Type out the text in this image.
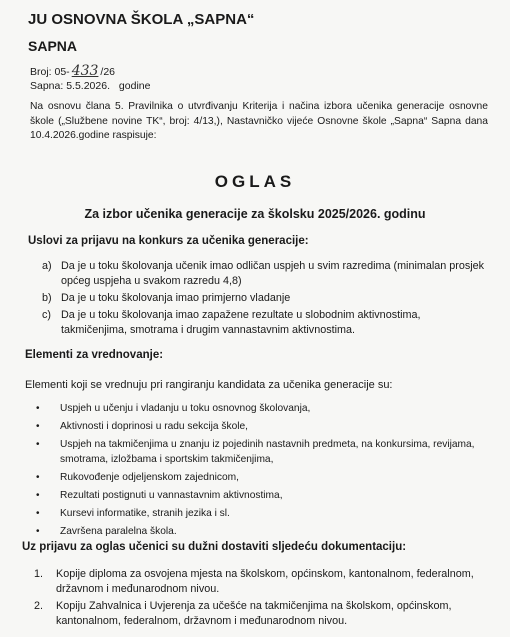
JU OSNOVNA ŠKOLA „SAPNA“
SAPNA
Broj: 05- 433 /26
Sapna: 5.5.2026. godine
Na osnovu člana 5. Pravilnika o utvrđivanju Kriterija i načina izbora učenika generacije osnovne škole („Službene novine TK“, broj: 4/13,), Nastavničko vijeće Osnovne škole „Sapna“ Sapna dana 10.4.2026.godine raspisuje:
OGLAS
Za izbor učenika generacije za školsku 2025/2026. godinu
Uslovi za prijavu na konkurs za učenika generacije:
a) Da je u toku školovanja učenik imao odličan uspjeh u svim razredima (minimalan prosjek općeg uspjeha u svakom razredu 4,8)
b) Da je u toku školovanja imao primjerno vladanje
c) Da je u toku školovanja imao zapažene rezultate u slobodnim aktivnostima, takmičenjima, smotrama i drugim vannastavnim aktivnostima.
Elementi za vrednovanje:
Elementi koji se vrednuju pri rangiranju kandidata za učenika generacije su:
•	Uspjeh u učenju i vladanju u toku osnovnog školovanja,
•	Aktivnosti i doprinosi u radu sekcija škole,
•	Uspjeh na takmičenjima u znanju iz pojedinih nastavnih predmeta, na konkursima, revijama, smotrama, izložbama i sportskim takmičenjima,
•	Rukovođenje odjeljenskom zajednicom,
•	Rezultati postignuti u vannastavnim aktivnostima,
•	Kursevi informatike, stranih jezika i sl.
•	Završena paralelna škola.
Uz prijavu za oglas učenici su dužni dostaviti sljedeću dokumentaciju:
1.	Kopije diploma za osvojena mjesta na školskom, općinskom, kantonalnom, federalnom, državnom i međunarodnom nivou.
2.	Kopiju Zahvalnica i Uvjerenja za učešće na takmičenjima na školskom, općinskom, kantonalnom, federalnom, državnom i međunarodnom nivou.
